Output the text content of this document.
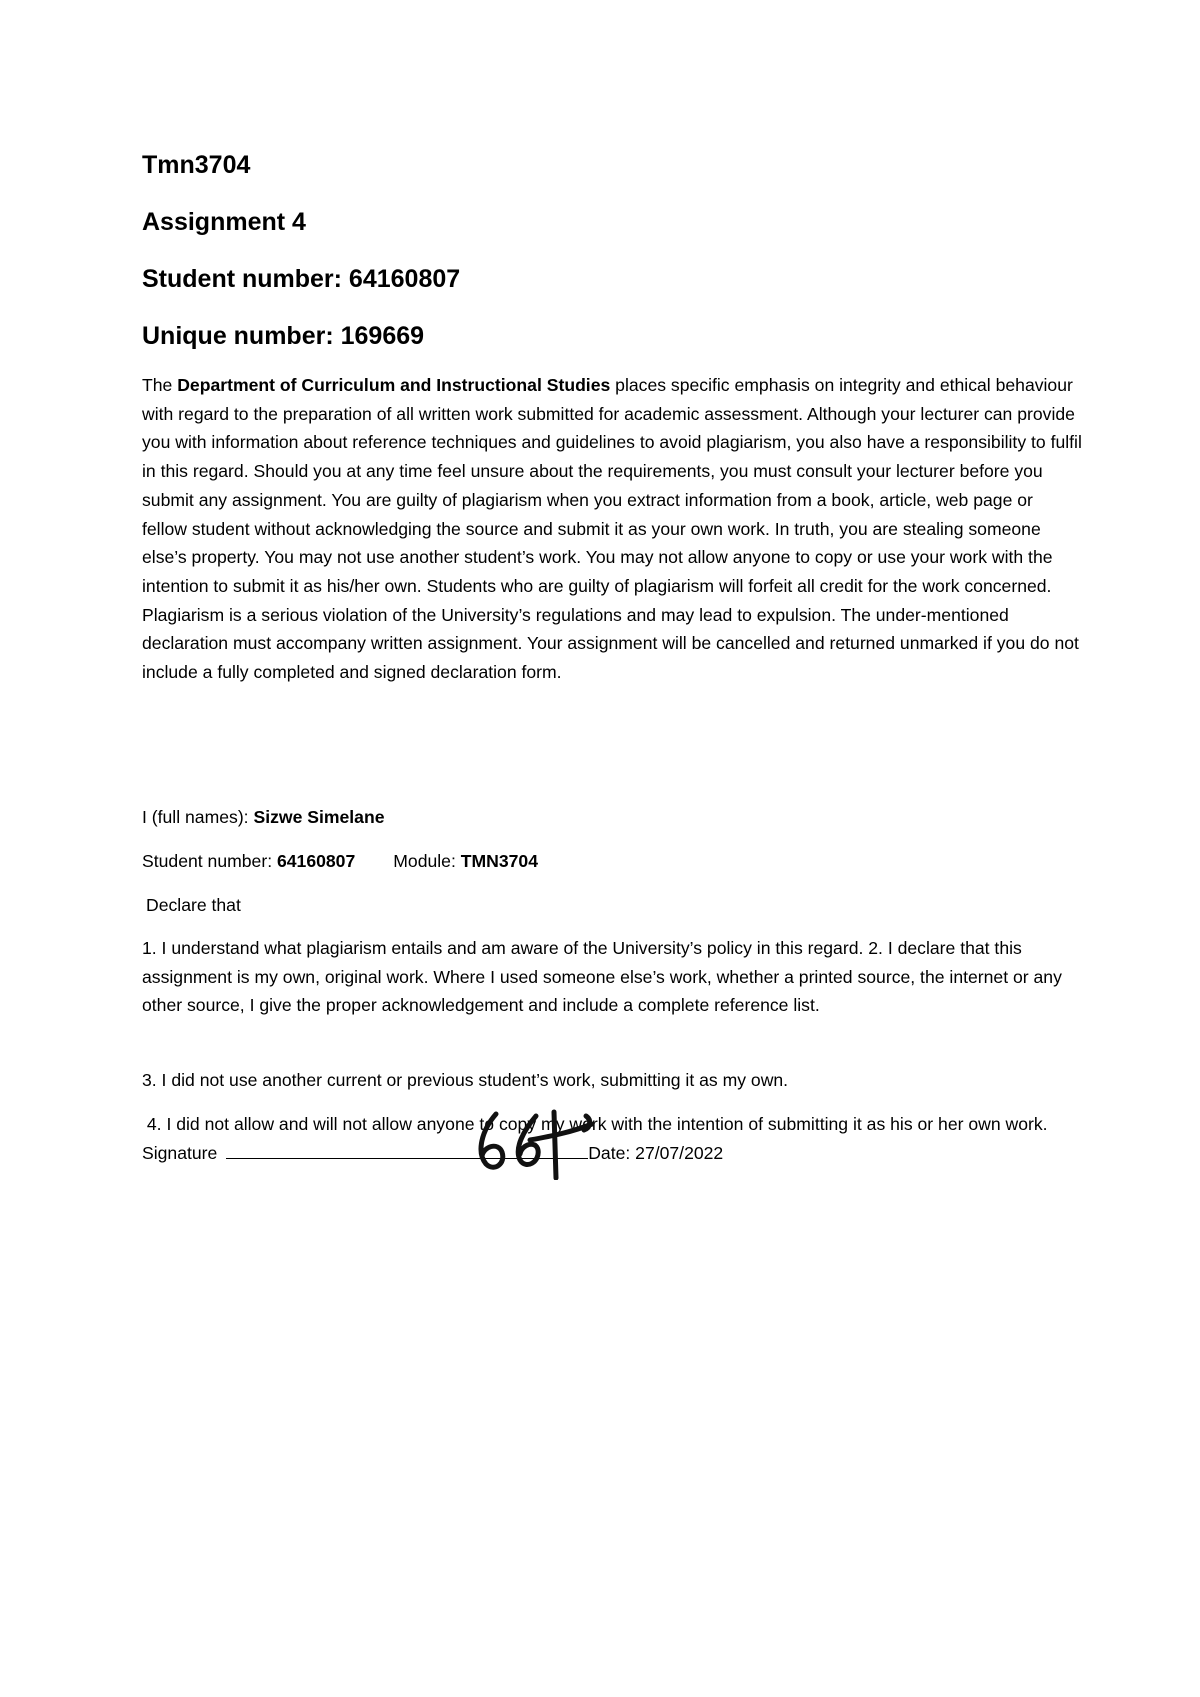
Tmn3704
Assignment 4
Student number: 64160807
Unique number: 169669
The Department of Curriculum and Instructional Studies places specific emphasis on integrity and ethical behaviour with regard to the preparation of all written work submitted for academic assessment. Although your lecturer can provide you with information about reference techniques and guidelines to avoid plagiarism, you also have a responsibility to fulfil in this regard. Should you at any time feel unsure about the requirements, you must consult your lecturer before you submit any assignment. You are guilty of plagiarism when you extract information from a book, article, web page or fellow student without acknowledging the source and submit it as your own work. In truth, you are stealing someone else’s property. You may not use another student’s work. You may not allow anyone to copy or use your work with the intention to submit it as his/her own. Students who are guilty of plagiarism will forfeit all credit for the work concerned. Plagiarism is a serious violation of the University’s regulations and may lead to expulsion. The under-mentioned declaration must accompany written assignment. Your assignment will be cancelled and returned unmarked if you do not include a fully completed and signed declaration form.
I (full names): Sizwe Simelane
Student number: 64160807 Module: TMN3704
Declare that
1. I understand what plagiarism entails and am aware of the University’s policy in this regard. 2. I declare that this assignment is my own, original work. Where I used someone else’s work, whether a printed source, the internet or any other source, I give the proper acknowledgement and include a complete reference list.
3. I did not use another current or previous student’s work, submitting it as my own.
4. I did not allow and will not allow anyone to copy my work with the intention of submitting it as his or her own work. Signature	Date: 27/07/2022
